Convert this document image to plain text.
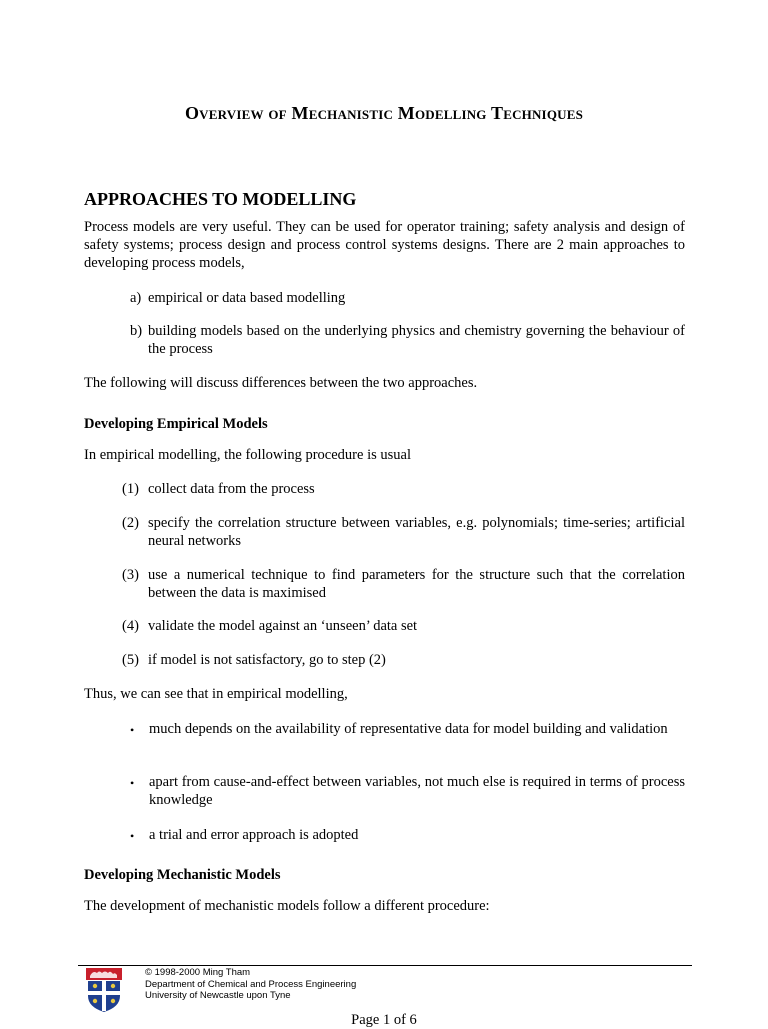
Overview of Mechanistic Modelling Techniques
APPROACHES TO MODELLING

Process models are very useful. They can be used for operator training; safety analysis and design of safety systems; process design and process control systems designs. There are 2 main approaches to developing process models,

a) empirical or data based modelling
b) building models based on the underlying physics and chemistry governing the behaviour of the process

The following will discuss differences between the two approaches.

Developing Empirical Models

In empirical modelling, the following procedure is usual

(1) collect data from the process
(2) specify the correlation structure between variables, e.g. polynomials; time-series; artificial neural networks
(3) use a numerical technique to find parameters for the structure such that the correlation between the data is maximised
(4) validate the model against an ‘unseen’ data set
(5) if model is not satisfactory, go to step (2)

Thus, we can see that in empirical modelling,

• much depends on the availability of representative data for model building and validation
• apart from cause-and-effect between variables, not much else is required in terms of process knowledge
• a trial and error approach is adopted
Developing Mechanistic Models

The development of mechanistic models follow a different procedure:

© 1998-2000 Ming Tham
Department of Chemical and Process Engineering
University of Newcastle upon Tyne

Page 1 of 6
